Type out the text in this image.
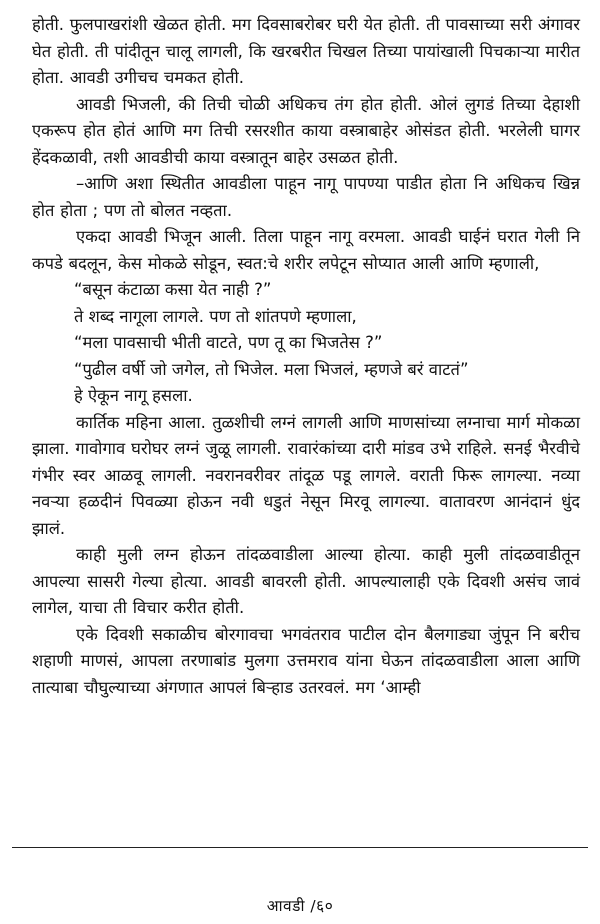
होती. फुलपाखरांशी खेळत होती. मग दिवसाबरोबर घरी येत होती. ती पावसाच्या सरी अंगावर घेत होती. ती पांदीतून चालू लागली, कि खरबरीत चिखल तिच्या पायांखाली पिचकाऱ्या मारीत होता. आवडी उगीचच चमकत होती.

आवडी भिजली, की तिची चोळी अधिकच तंग होत होती. ओलं लुगडं तिच्या देहाशी एकरूप होत होतं आणि मग तिची रसरशीत काया वस्त्राबाहेर ओसंडत होती. भरलेली घागर हेंदकळावी, तशी आवडीची काया वस्त्रातून बाहेर उसळत होती.

–आणि अशा स्थितीत आवडीला पाहून नागू पापण्या पाडीत होता नि अधिकच खिन्न होत होता ; पण तो बोलत नव्हता.

एकदा आवडी भिजून आली. तिला पाहून नागू वरमला. आवडी घाईनं घरात गेली नि कपडे बदलून, केस मोकळे सोडून, स्वत:चे शरीर लपेटून सोप्यात आली आणि म्हणाली,

“बसून कंटाळा कसा येत नाही ?”

ते शब्द नागूला लागले. पण तो शांतपणे म्हणाला,

“मला पावसाची भीती वाटते, पण तू का भिजतेस ?”

“पुढील वर्षी जो जगेल, तो भिजेल. मला भिजलं, म्हणजे बरं वाटतं”

हे ऐकून नागू हसला.

कार्तिक महिना आला. तुळशीची लग्नं लागली आणि माणसांच्या लग्नाचा मार्ग मोकळा झाला. गावोगाव घरोघर लग्नं जुळू लागली. रावारंकांच्या दारी मांडव उभे राहिले. सनई भैरवीचे गंभीर स्वर आळवू लागली. नवरानवरीवर तांदूळ पडू लागले. वराती फिरू लागल्या. नव्या नवऱ्या हळदीनं पिवळ्या होऊन नवी धडुतं नेसून मिरवू लागल्या. वातावरण आनंदानं धुंद झालं.

काही मुली लग्न होऊन तांदळवाडीला आल्या होत्या. काही मुली तांदळवाडीतून आपल्या सासरी गेल्या होत्या. आवडी बावरली होती. आपल्यालाही एके दिवशी असंच जावं लागेल, याचा ती विचार करीत होती.

एके दिवशी सकाळीच बोरगावचा भगवंतराव पाटील दोन बैलगाड्या जुंपून नि बरीच शहाणी माणसं, आपला तरणाबांड मुलगा उत्तमराव यांना घेऊन तांदळवाडीला आला आणि तात्याबा चौघुल्याच्या अंगणात आपलं बिऱ्हाड उतरवलं. मग ‘आम्ही

आवडी /६०
